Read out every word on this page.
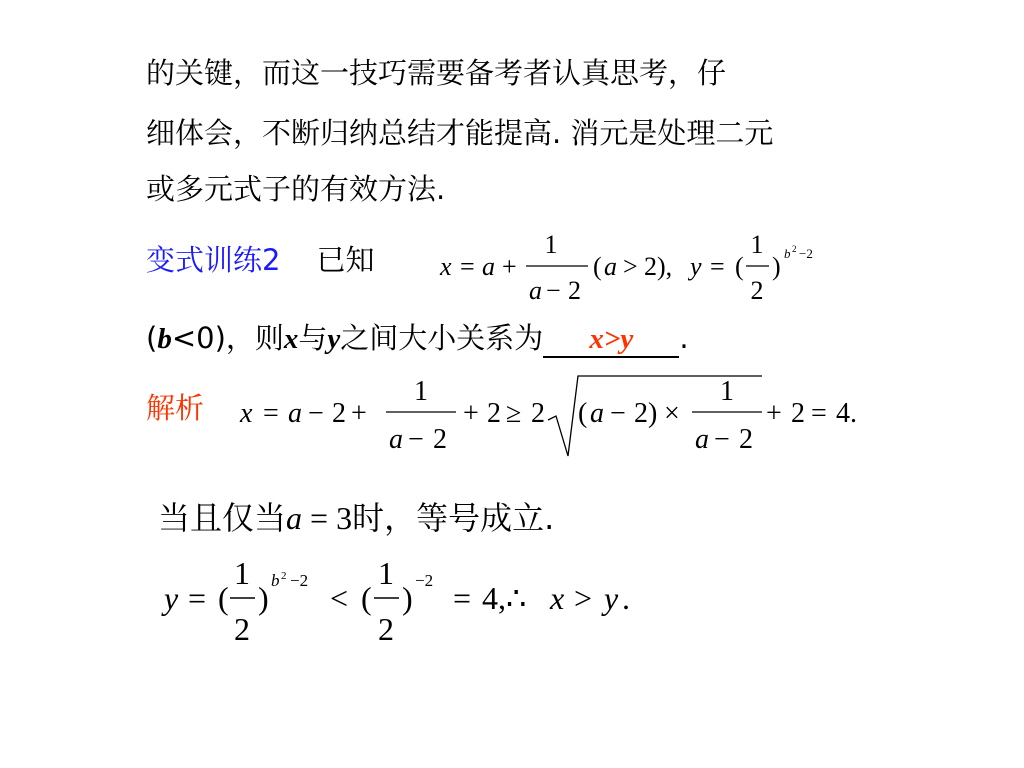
的关键，而这一技巧需要备考者认真思考，仔
细体会，不断归纳总结才能提高. 消元是处理二元
或多元式子的有效方法.
变式训练2 已知	x = a +
1
a − 2
( a > 2), y = (
1
2
) b 2 −2
(b<0)，则x与y之间大小关系为 x>y .
解析 x = a − 2 +
1
a − 2
+ 2 ≥ 2 ( a − 2) ×
1
a − 2
+ 2 = 4.
当且仅当a = 3时，等号成立.
y = (
1
2
) b 2 −2 < (
1
2
) −2 = 4,∴ x > y .
